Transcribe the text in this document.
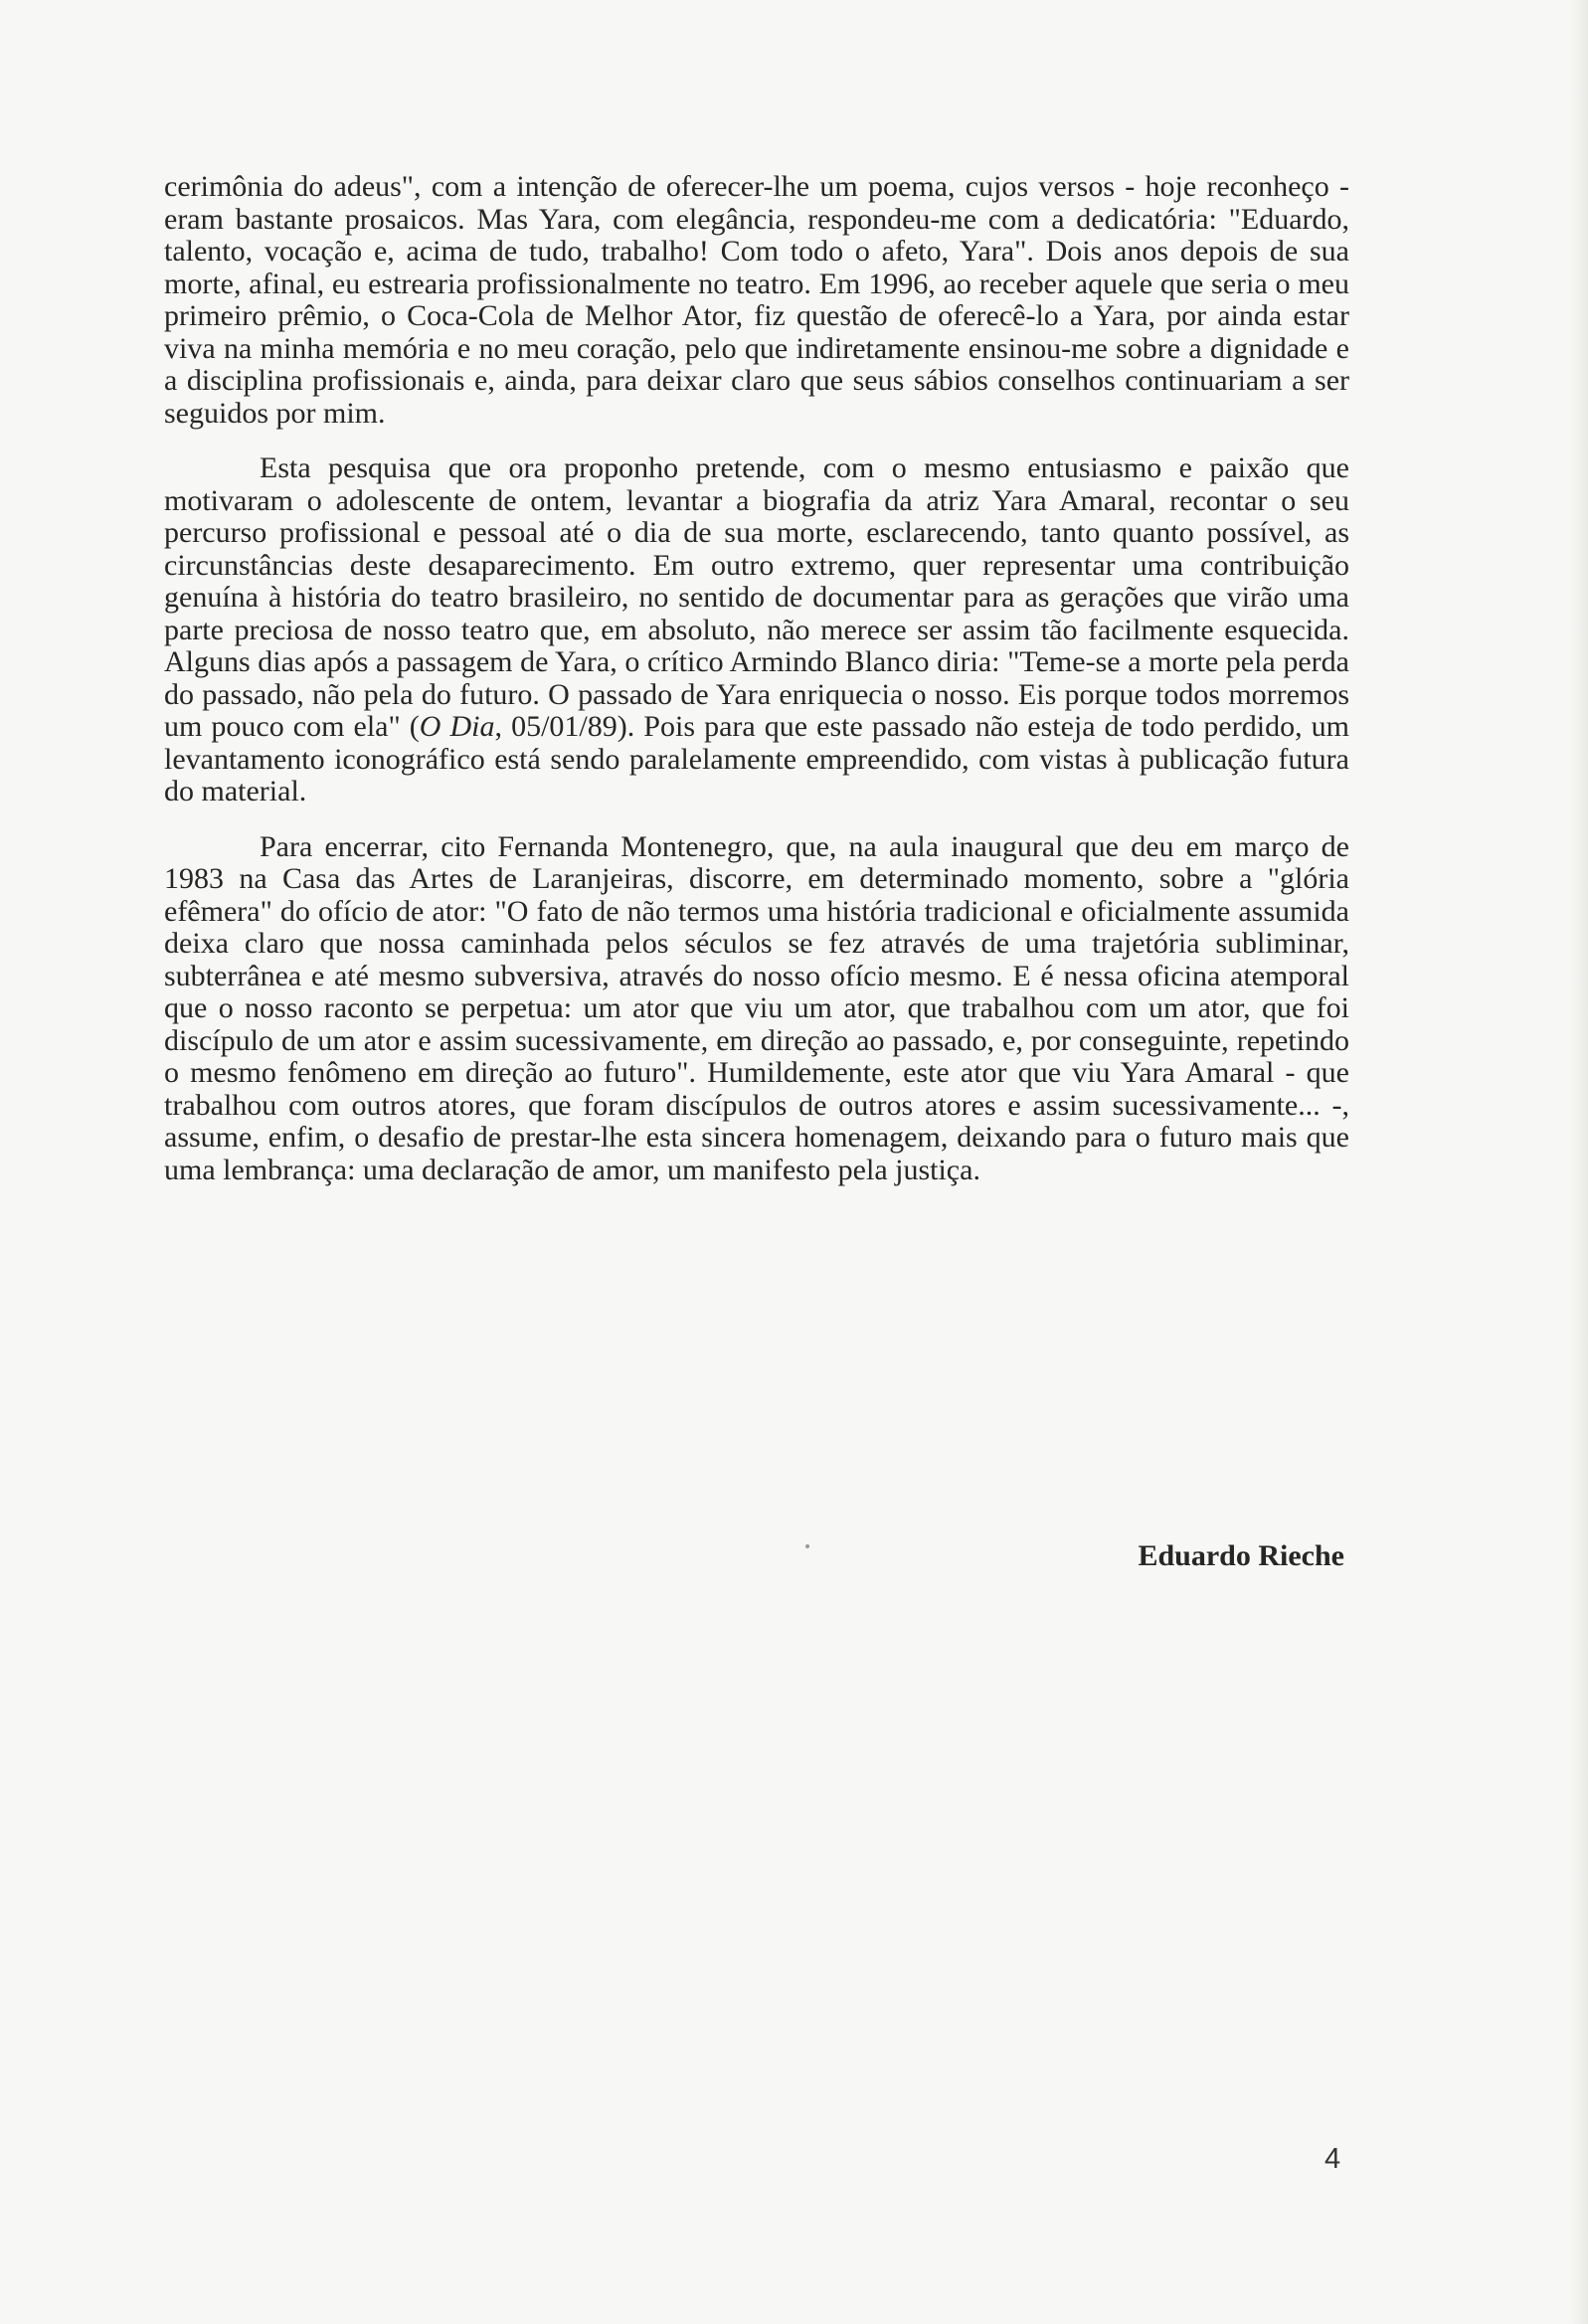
cerimônia do adeus", com a intenção de oferecer-lhe um poema, cujos versos - hoje reconheço - eram bastante prosaicos. Mas Yara, com elegância, respondeu-me com a dedicatória: "Eduardo, talento, vocação e, acima de tudo, trabalho! Com todo o afeto, Yara". Dois anos depois de sua morte, afinal, eu estrearia profissionalmente no teatro. Em 1996, ao receber aquele que seria o meu primeiro prêmio, o Coca-Cola de Melhor Ator, fiz questão de oferecê-lo a Yara, por ainda estar viva na minha memória e no meu coração, pelo que indiretamente ensinou-me sobre a dignidade e a disciplina profissionais e, ainda, para deixar claro que seus sábios conselhos continuariam a ser seguidos por mim.

Esta pesquisa que ora proponho pretende, com o mesmo entusiasmo e paixão que motivaram o adolescente de ontem, levantar a biografia da atriz Yara Amaral, recontar o seu percurso profissional e pessoal até o dia de sua morte, esclarecendo, tanto quanto possível, as circunstâncias deste desaparecimento. Em outro extremo, quer representar uma contribuição genuína à história do teatro brasileiro, no sentido de documentar para as gerações que virão uma parte preciosa de nosso teatro que, em absoluto, não merece ser assim tão facilmente esquecida. Alguns dias após a passagem de Yara, o crítico Armindo Blanco diria: "Teme-se a morte pela perda do passado, não pela do futuro. O passado de Yara enriquecia o nosso. Eis porque todos morremos um pouco com ela" (O Dia, 05/01/89). Pois para que este passado não esteja de todo perdido, um levantamento iconográfico está sendo paralelamente empreendido, com vistas à publicação futura do material.

Para encerrar, cito Fernanda Montenegro, que, na aula inaugural que deu em março de 1983 na Casa das Artes de Laranjeiras, discorre, em determinado momento, sobre a "glória efêmera" do ofício de ator: "O fato de não termos uma história tradicional e oficialmente assumida deixa claro que nossa caminhada pelos séculos se fez através de uma trajetória subliminar, subterrânea e até mesmo subversiva, através do nosso ofício mesmo. E é nessa oficina atemporal que o nosso raconto se perpetua: um ator que viu um ator, que trabalhou com um ator, que foi discípulo de um ator e assim sucessivamente, em direção ao passado, e, por conseguinte, repetindo o mesmo fenômeno em direção ao futuro". Humildemente, este ator que viu Yara Amaral - que trabalhou com outros atores, que foram discípulos de outros atores e assim sucessivamente... -, assume, enfim, o desafio de prestar-lhe esta sincera homenagem, deixando para o futuro mais que uma lembrança: uma declaração de amor, um manifesto pela justiça.

Eduardo Rieche
4
